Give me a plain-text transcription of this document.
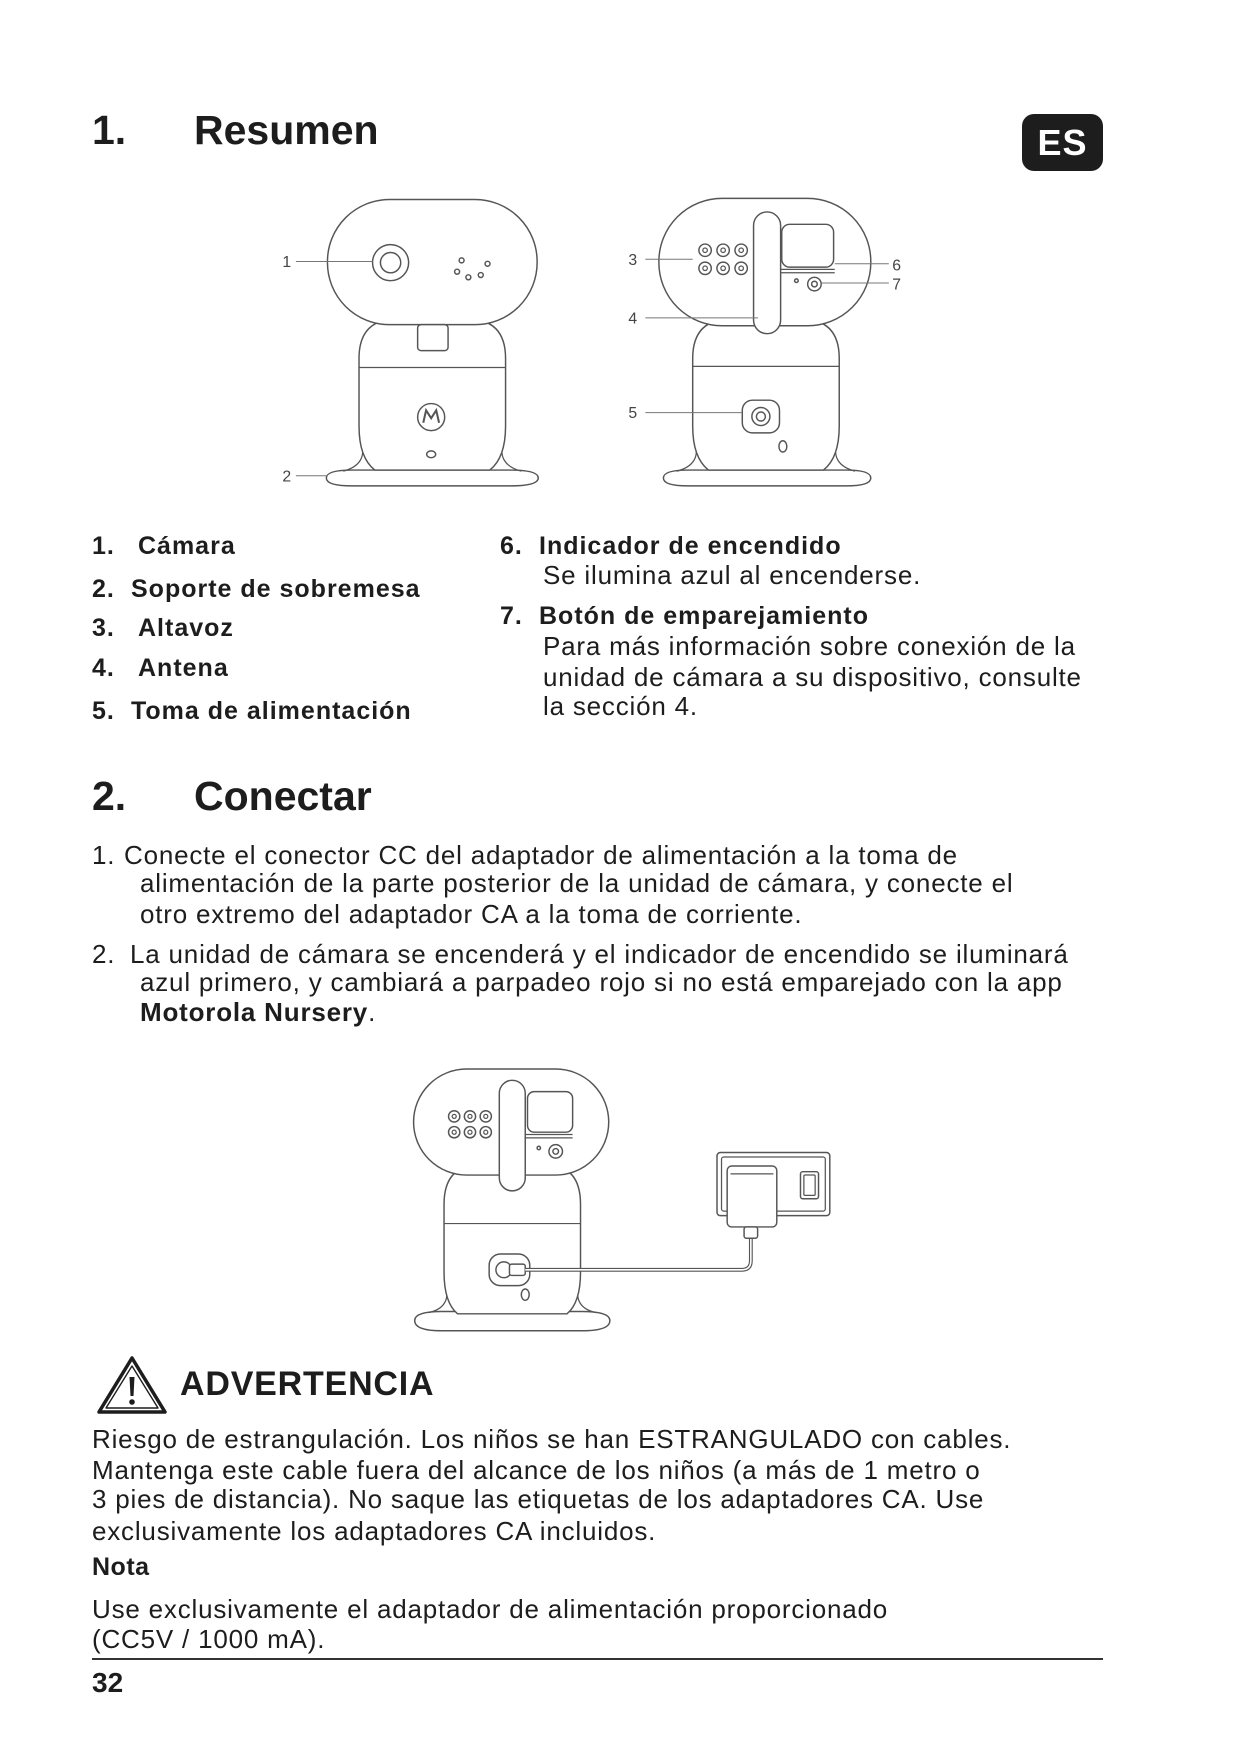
1. Resumen	ES
1
2
3
4
5
6
7
1. Cámara
2. Soporte de sobremesa
3. Altavoz
4. Antena
5. Toma de alimentación
6. Indicador de encendido
Se ilumina azul al encenderse.
7. Botón de emparejamiento
Para más información sobre conexión de la
unidad de cámara a su dispositivo, consulte
la sección 4.
2. Conectar
1. Conecte el conector CC del adaptador de alimentación a la toma de
alimentación de la parte posterior de la unidad de cámara, y conecte el
otro extremo del adaptador CA a la toma de corriente.
2. La unidad de cámara se encenderá y el indicador de encendido se iluminará
azul primero, y cambiará a parpadeo rojo si no está emparejado con la app
Motorola Nursery.
ADVERTENCIA
Riesgo de estrangulación. Los niños se han ESTRANGULADO con cables.
Mantenga este cable fuera del alcance de los niños (a más de 1 metro o
3 pies de distancia). No saque las etiquetas de los adaptadores CA. Use
exclusivamente los adaptadores CA incluidos.
Nota
Use exclusivamente el adaptador de alimentación proporcionado
(CC5V / 1000 mA).
32
